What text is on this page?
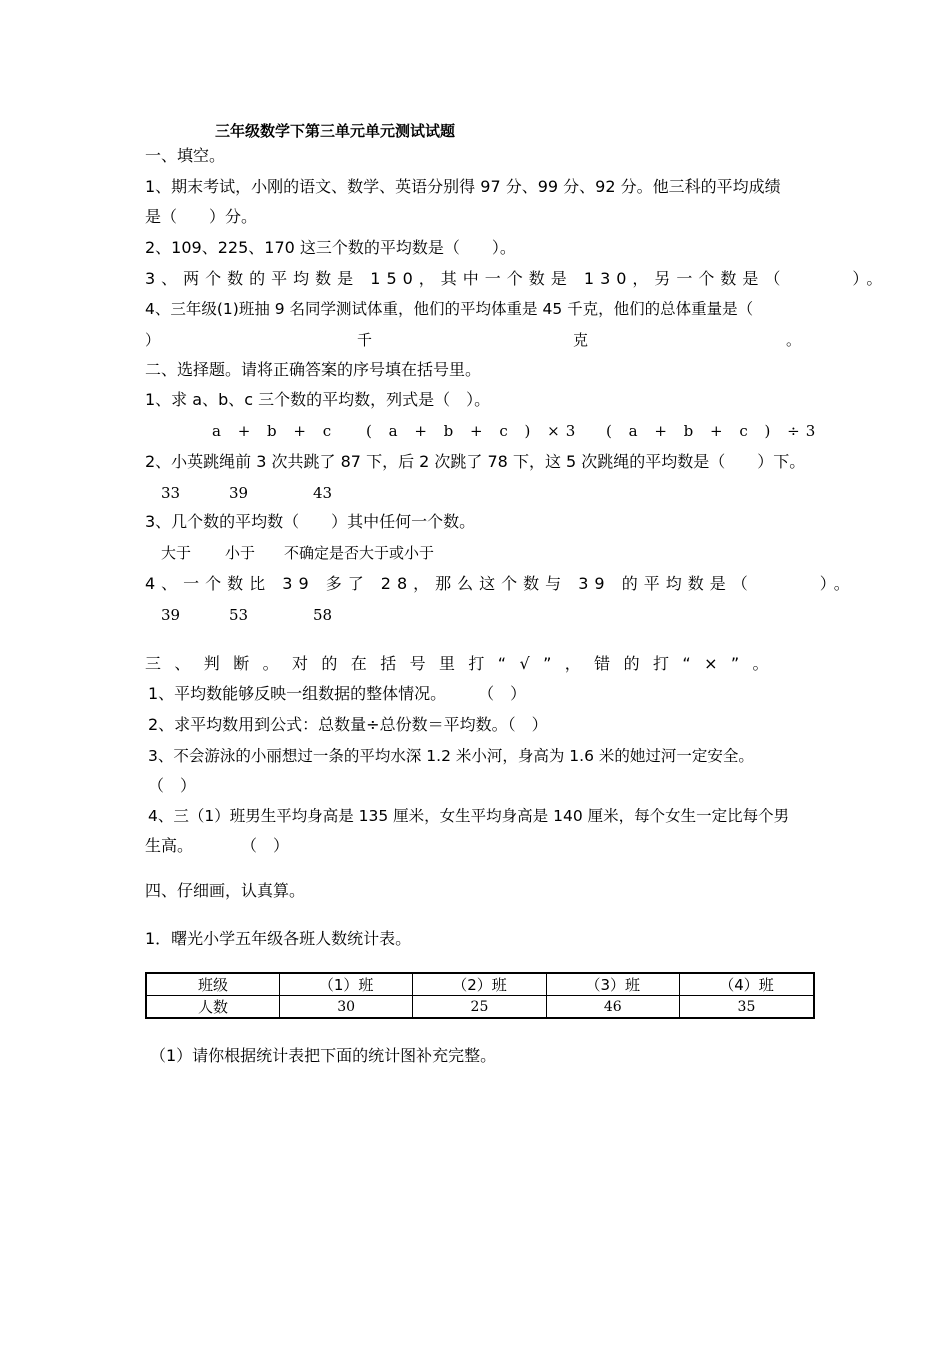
三年级数学下第三单元单元测试试题
一、填空。
1、期末考试，小刚的语文、数学、英语分别得 97 分、99 分、92 分。他三科的平均成绩
是（　　）分。
2、109、225、170 这三个数的平均数是（　　）。
3、两个数的平均数是 150，其中一个数是 130，另一个数是（　　　）。
4、三年级(1)班抽 9 名同学测试体重，他们的平均体重是 45 千克，他们的总体重量是（
）	千	克	。
二、选择题。请将正确答案的序号填在括号里。
1、求 a、b、c 三个数的平均数，列式是（　）。
a + b + c ( a + b + c ) ×3 ( a + b + c ) ÷3
2、小英跳绳前 3 次共跳了 87 下，后 2 次跳了 78 下，这 5 次跳绳的平均数是（　　）下。
33	39	43
3、几个数的平均数（　　）其中任何一个数。
大于 小于 不确定是否大于或小于
4、一个数比 39 多了 28，那么这个数与 39 的平均数是（　　　）。
39	53	58
三、判断。对的在括号里打“√”，错的打“×”。
1、平均数能够反映一组数据的整体情况。　　　（　）
2、求平均数用到公式：总数量÷总份数＝平均数。（　）
3、不会游泳的小丽想过一条的平均水深 1.2 米小河，身高为 1.6 米的她过河一定安全。
（　）
4、三（1）班男生平均身高是 135 厘米，女生平均身高是 140 厘米，每个女生一定比每个男
生高。　　　　（　）
四、仔细画，认真算。
1．曙光小学五年级各班人数统计表。
班级	（1）班	（2）班	（3）班	（4）班
人数	30	25	46	35
（1）请你根据统计表把下面的统计图补充完整。
